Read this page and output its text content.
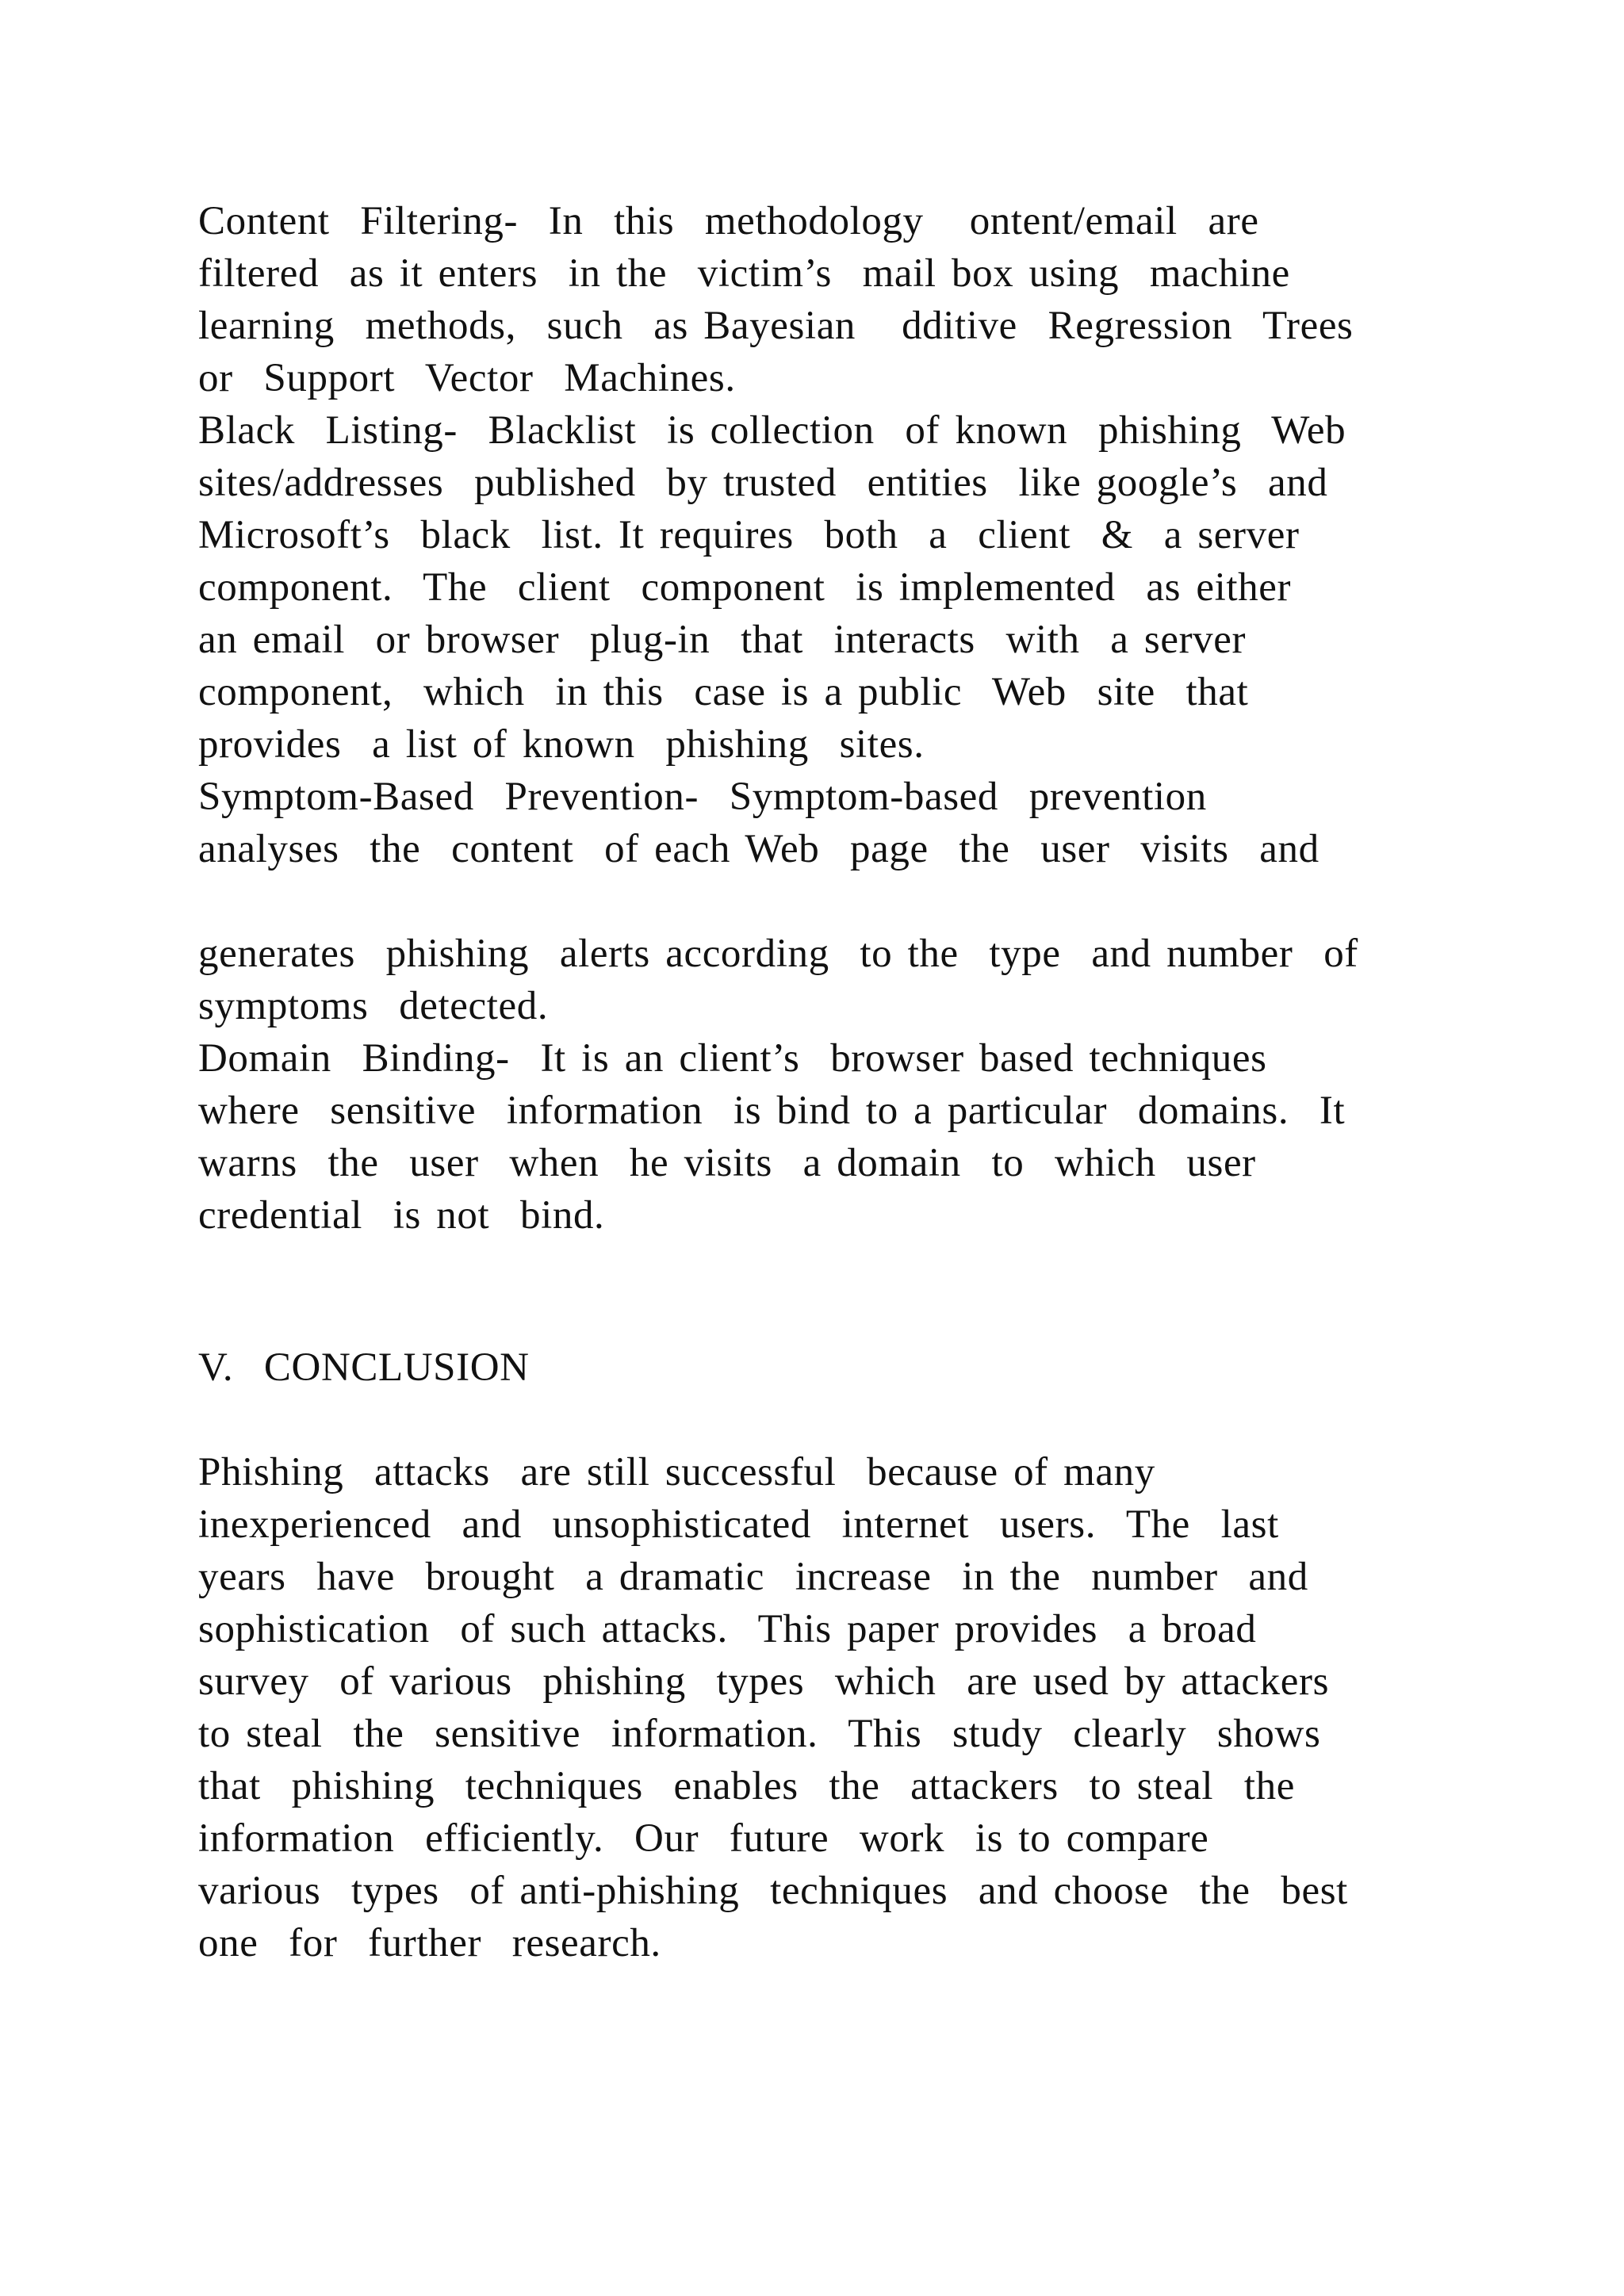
Content  Filtering-  In  this  methodology   ontent/email  are
filtered  as it enters  in the  victim’s  mail box using  machine
learning  methods,  such  as Bayesian   dditive  Regression  Trees
or  Support  Vector  Machines.
Black  Listing-  Blacklist  is collection  of known  phishing  Web
sites/addresses  published  by trusted  entities  like google’s  and
Microsoft’s  black  list. It requires  both  a  client  &  a server
component.  The  client  component  is implemented  as either
an email  or browser  plug-in  that  interacts  with  a server
component,  which  in this  case is a public  Web  site  that
provides  a list of known  phishing  sites.
Symptom-Based  Prevention-  Symptom-based  prevention
analyses  the  content  of each Web  page  the  user  visits  and
generates  phishing  alerts according  to the  type  and number  of
symptoms  detected.
Domain  Binding-  It is an client’s  browser based techniques
where  sensitive  information  is bind to a particular  domains.  It
warns  the  user  when  he visits  a domain  to  which  user
credential  is not  bind.
V.  CONCLUSION
Phishing  attacks  are still successful  because of many
inexperienced  and  unsophisticated  internet  users.  The  last
years  have  brought  a dramatic  increase  in the  number  and
sophistication  of such attacks.  This paper provides  a broad
survey  of various  phishing  types  which  are used by attackers
to steal  the  sensitive  information.  This  study  clearly  shows
that  phishing  techniques  enables  the  attackers  to steal  the
information  efficiently.  Our  future  work  is to compare
various  types  of anti-phishing  techniques  and choose  the  best
one  for  further  research.
